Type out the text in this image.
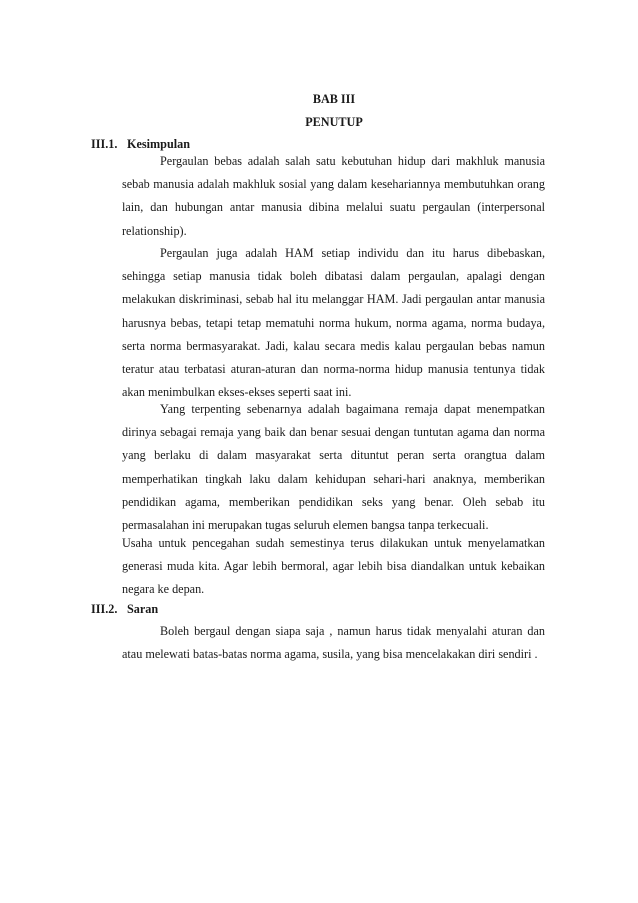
BAB III
PENUTUP
III.1. Kesimpulan
Pergaulan bebas adalah salah satu kebutuhan hidup dari makhluk manusia sebab manusia adalah makhluk sosial yang dalam kesehariannya membutuhkan orang lain, dan hubungan antar manusia dibina melalui suatu pergaulan (interpersonal relationship).
Pergaulan juga adalah HAM setiap individu dan itu harus dibebaskan, sehingga setiap manusia tidak boleh dibatasi dalam pergaulan, apalagi dengan melakukan diskriminasi, sebab hal itu melanggar HAM. Jadi pergaulan antar manusia harusnya bebas, tetapi tetap mematuhi norma hukum, norma agama, norma budaya, serta norma bermasyarakat. Jadi, kalau secara medis kalau pergaulan bebas namun teratur atau terbatasi aturan-aturan dan norma-norma hidup manusia tentunya tidak akan menimbulkan ekses-ekses seperti saat ini.
Yang terpenting sebenarnya adalah bagaimana remaja dapat menempatkan dirinya sebagai remaja yang baik dan benar sesuai dengan tuntutan agama dan norma yang berlaku di dalam masyarakat serta dituntut peran serta orangtua dalam memperhatikan tingkah laku dalam kehidupan sehari-hari anaknya, memberikan pendidikan agama, memberikan pendidikan seks yang benar. Oleh sebab itu permasalahan ini merupakan tugas seluruh elemen bangsa tanpa terkecuali.
Usaha untuk pencegahan sudah semestinya terus dilakukan untuk menyelamatkan generasi muda kita. Agar lebih bermoral, agar lebih bisa diandalkan untuk kebaikan negara ke depan.
III.2. Saran
Boleh bergaul dengan siapa saja , namun harus tidak menyalahi aturan dan atau melewati batas-batas norma agama, susila, yang bisa mencelakakan diri sendiri .
